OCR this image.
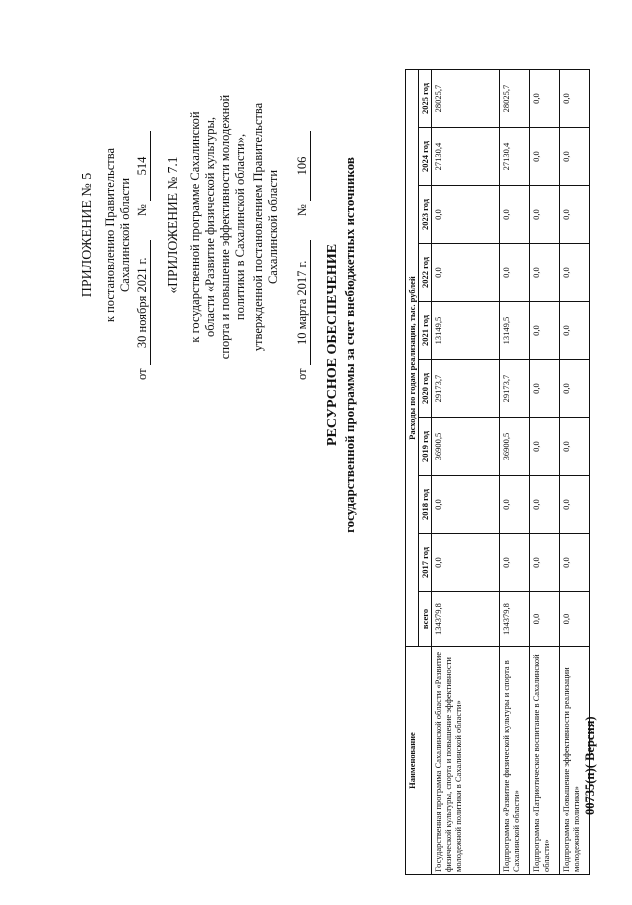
ПРИЛОЖЕНИЕ № 5 к постановлению Правительства Сахалинской области
от 30 ноября 2021 г.  № 514 «ПРИЛОЖЕНИЕ № 7.1 к государственной программе Сахалинской области «Развитие физической культуры, спорта и повышение эффективности молодежной политики в Сахалинской области», утвержденной постановлением Правительства Сахалинской области
от 10 марта 2017 г.  № 106
РЕСУРСНОЕ ОБЕСПЕЧЕНИЕ государственной программы за счет внебюджетных источников
Наименование	Расходы по годам реализации, тыс. рублей									
	всего	2017 год	2018 год	2019 год	2020 год	2021 год	2022 год	2023 год	2024 год	2025 год
Государственная программа Сахалинской области «Развитие физической культуры, спорта и повышение эффективности молодежной политики в Сахалинской области»	134379,8	0,0	0,0	36900,5	29173,7	13149,5	0,0	0,0	27130,4	28025,7
Подпрограмма «Развитие физической культуры и спорта в Сахалинской области»	134379,8	0,0	0,0	36900,5	29173,7	13149,5	0,0	0,0	27130,4	28025,7
Подпрограмма «Патриотическое воспитание в Сахалинской области»	0,0	0,0	0,0	0,0	0,0	0,0	0,0	0,0	0,0	0,0
Подпрограмма «Повышение эффективности реализации молодежной политики»	0,0	0,0	0,0	0,0	0,0	0,0	0,0	0,0	0,0	0,0
00735(п)( Версия)
